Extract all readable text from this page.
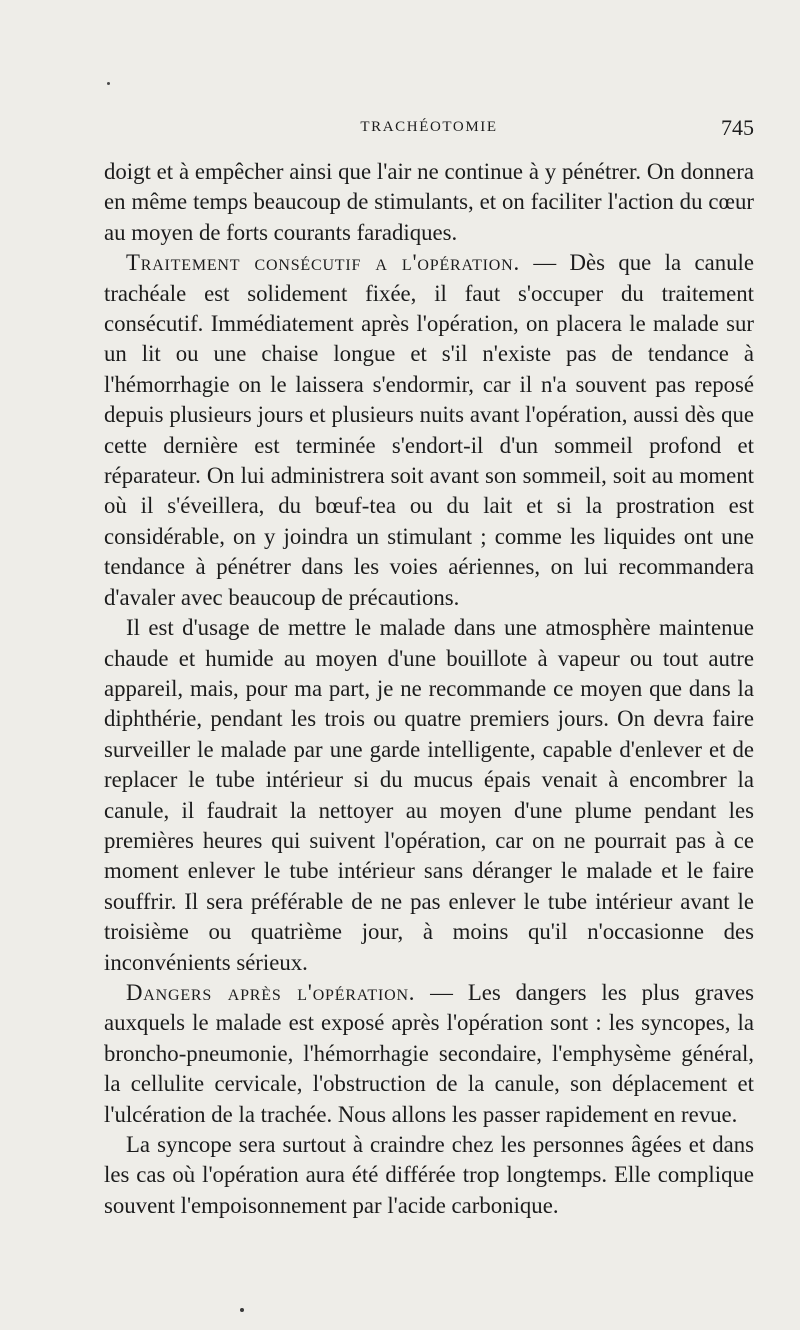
TRACHÉOTOMIE	745

doigt et à empêcher ainsi que l'air ne continue à y pénétrer. On donnera en même temps beaucoup de stimulants, et on faciliter l'action du cœur au moyen de forts courants faradiques.

Traitement consécutif a l'opération. — Dès que la canule trachéale est solidement fixée, il faut s'occuper du traitement consécutif. Immédiatement après l'opération, on placera le malade sur un lit ou une chaise longue et s'il n'existe pas de tendance à l'hémorrhagie on le laissera s'endormir, car il n'a souvent pas reposé depuis plusieurs jours et plusieurs nuits avant l'opération, aussi dès que cette dernière est terminée s'endort-il d'un sommeil profond et réparateur. On lui administrera soit avant son sommeil, soit au moment où il s'éveillera, du bœuf-tea ou du lait et si la prostration est considérable, on y joindra un stimulant ; comme les liquides ont une tendance à pénétrer dans les voies aériennes, on lui recommandera d'avaler avec beaucoup de précautions.

Il est d'usage de mettre le malade dans une atmosphère maintenue chaude et humide au moyen d'une bouillote à vapeur ou tout autre appareil, mais, pour ma part, je ne recommande ce moyen que dans la diphthérie, pendant les trois ou quatre premiers jours. On devra faire surveiller le malade par une garde intelligente, capable d'enlever et de replacer le tube intérieur si du mucus épais venait à encombrer la canule, il faudrait la nettoyer au moyen d'une plume pendant les premières heures qui suivent l'opération, car on ne pourrait pas à ce moment enlever le tube intérieur sans déranger le malade et le faire souffrir. Il sera préférable de ne pas enlever le tube intérieur avant le troisième ou quatrième jour, à moins qu'il n'occasionne des inconvénients sérieux.

Dangers après l'opération. — Les dangers les plus graves auxquels le malade est exposé après l'opération sont : les syncopes, la broncho-pneumonie, l'hémorrhagie secondaire, l'emphysème général, la cellulite cervicale, l'obstruction de la canule, son déplacement et l'ulcération de la trachée. Nous allons les passer rapidement en revue.

La syncope sera surtout à craindre chez les personnes âgées et dans les cas où l'opération aura été différée trop longtemps. Elle complique souvent l'empoisonnement par l'acide carbonique.
